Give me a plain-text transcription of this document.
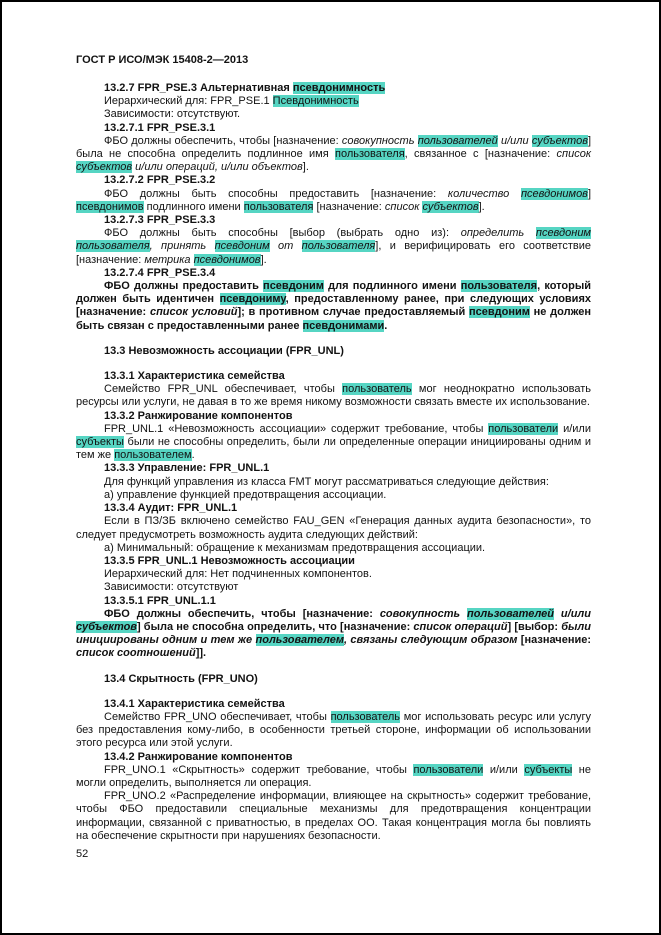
ГОСТ Р ИСО/МЭК 15408-2—2013

13.2.7 FPR_PSE.3 Альтернативная псевдонимность

Иерархический для: FPR_PSE.1 Псевдонимность

Зависимости: отсутствуют.

13.2.7.1 FPR_PSE.3.1

ФБО должны обеспечить, чтобы [назначение: совокупность пользователей и/или субъектов] была не способна определить подлинное имя пользователя, связанное с [назначение: список субъектов и/или операций, и/или объектов].

13.2.7.2 FPR_PSE.3.2

ФБО должны быть способны предоставить [назначение: количество псевдонимов] псевдонимов подлинного имени пользователя [назначение: список субъектов].

13.2.7.3 FPR_PSE.3.3

ФБО должны быть способны [выбор (выбрать одно из): определить псевдоним пользователя, принять псевдоним от пользователя], и верифицировать его соответствие [назначение: метрика псевдонимов].

13.2.7.4 FPR_PSE.3.4

ФБО должны предоставить псевдоним для подлинного имени пользователя, который должен быть идентичен псевдониму, предоставленному ранее, при следующих условиях [назначение: список условий]; в противном случае предоставляемый псевдоним не должен быть связан с предоставленными ранее псевдонимами.

13.3 Невозможность ассоциации (FPR_UNL)

13.3.1 Характеристика семейства

Семейство FPR_UNL обеспечивает, чтобы пользователь мог неоднократно использовать ресурсы или услуги, не давая в то же время никому возможности связать вместе их использование.

13.3.2 Ранжирование компонентов

FPR_UNL.1 «Невозможность ассоциации» содержит требование, чтобы пользователи и/или субъекты были не способны определить, были ли определенные операции инициированы одним и тем же пользователем.

13.3.3 Управление: FPR_UNL.1

Для функций управления из класса FMT могут рассматриваться следующие действия:

а) управление функцией предотвращения ассоциации.

13.3.4 Аудит: FPR_UNL.1

Если в ПЗ/ЗБ включено семейство FAU_GEN «Генерация данных аудита безопасности», то следует предусмотреть возможность аудита следующих действий:

а) Минимальный: обращение к механизмам предотвращения ассоциации.

13.3.5 FPR_UNL.1 Невозможность ассоциации

Иерархический для: Нет подчиненных компонентов.

Зависимости: отсутствуют

13.3.5.1 FPR_UNL.1.1

ФБО должны обеспечить, чтобы [назначение: совокупность пользователей и/или субъектов] была не способна определить, что [назначение: список операций] [выбор: были инициированы одним и тем же пользователем, связаны следующим образом [назначение: список соотношений]].

13.4 Скрытность (FPR_UNO)

13.4.1 Характеристика семейства

Семейство FPR_UNO обеспечивает, чтобы пользователь мог использовать ресурс или услугу без предоставления кому-либо, в особенности третьей стороне, информации об использовании этого ресурса или этой услуги.

13.4.2 Ранжирование компонентов

FPR_UNO.1 «Скрытность» содержит требование, чтобы пользователи и/или субъекты не могли определить, выполняется ли операция.

FPR_UNO.2 «Распределение информации, влияющее на скрытность» содержит требование, чтобы ФБО предоставили специальные механизмы для предотвращения концентрации информации, связанной с приватностью, в пределах ОО. Такая концентрация могла бы повлиять на обеспечение скрытности при нарушениях безопасности.

52
